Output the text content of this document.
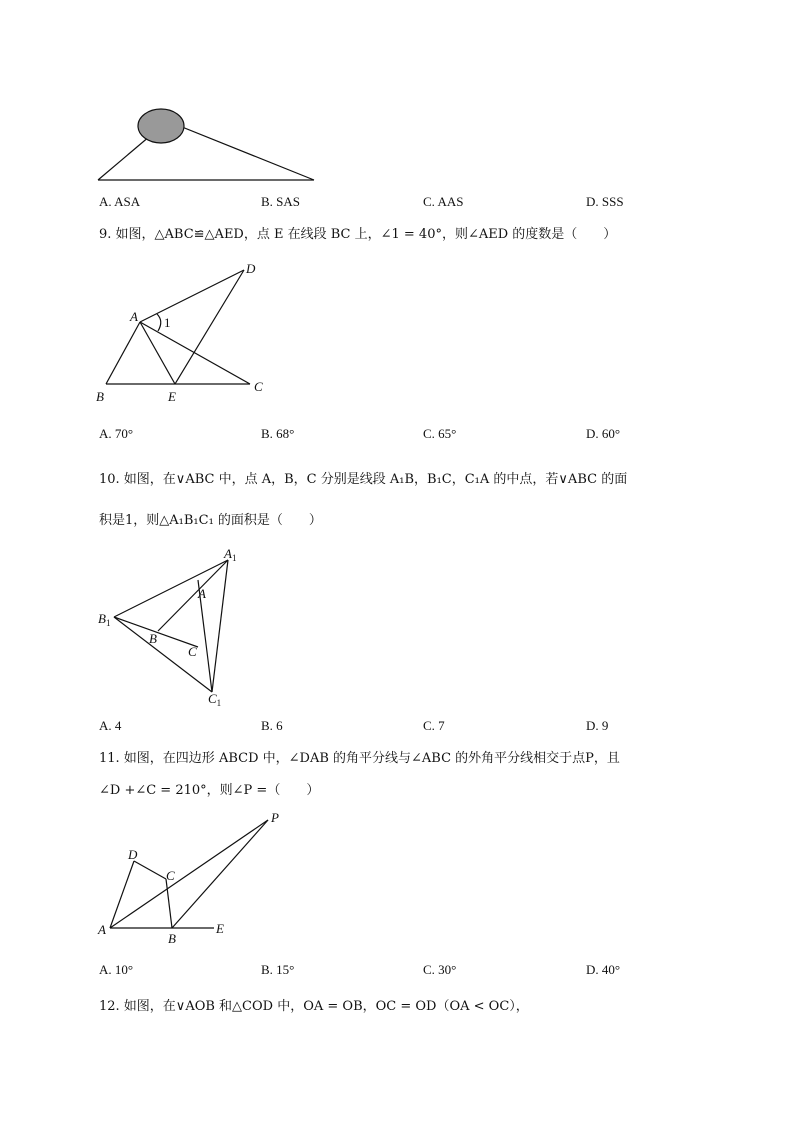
A. ASA	B. SAS	C. AAS	D. SSS
9. 如图，△ABC≌△AED，点 E 在线段 BC 上，∠1 = 40°，则∠AED 的度数是（　　）
A
D
1
B	E
C
A. 70°	B. 68°	C. 65°	D. 60°
10. 如图，在∨ABC 中，点 A，B，C 分别是线段 A₁B，B₁C，C₁A 的中点，若∨ABC 的面
积是1，则△A₁B₁C₁ 的面积是（　　）
$A_1$
A
$B_1$
B
C
$C_1$
A. 4	B. 6	C. 7	D. 9
11. 如图，在四边形 ABCD 中，∠DAB 的角平分线与∠ABC 的外角平分线相交于点P，且
∠D +∠C = 210°，则∠P =（　　）
P
D
C
A
B
E
A. 10°	B. 15°	C. 30°	D. 40°
12. 如图，在∨AOB 和△COD 中，OA = OB，OC = OD（OA < OC），
